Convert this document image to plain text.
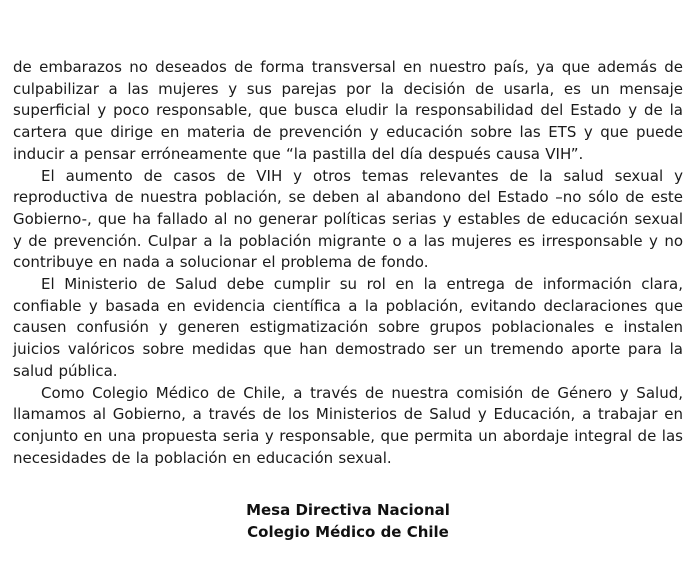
de embarazos no deseados de forma transversal en nuestro país, ya que además de culpabilizar a las mujeres y sus parejas por la decisión de usarla, es un mensaje superficial y poco responsable, que busca eludir la responsabilidad del Estado y de la cartera que dirige en materia de prevención y educación sobre las ETS y que puede inducir a pensar erróneamente que “la pastilla del día después causa VIH”.

El aumento de casos de VIH y otros temas relevantes de la salud sexual y reproductiva de nuestra población, se deben al abandono del Estado –no sólo de este Gobierno-, que ha fallado al no generar políticas serias y estables de educación sexual y de prevención. Culpar a la población migrante o a las mujeres es irresponsable y no contribuye en nada a solucionar el problema de fondo.

El Ministerio de Salud debe cumplir su rol en la entrega de información clara, confiable y basada en evidencia científica a la población, evitando declaraciones que causen confusión y generen estigmatización sobre grupos poblacionales e instalen juicios valóricos sobre medidas que han demostrado ser un tremendo aporte para la salud pública.

Como Colegio Médico de Chile, a través de nuestra comisión de Género y Salud, llamamos al Gobierno, a través de los Ministerios de Salud y Educación, a trabajar en conjunto en una propuesta seria y responsable, que permita un abordaje integral de las necesidades de la población en educación sexual.

Mesa Directiva Nacional
Colegio Médico de Chile
